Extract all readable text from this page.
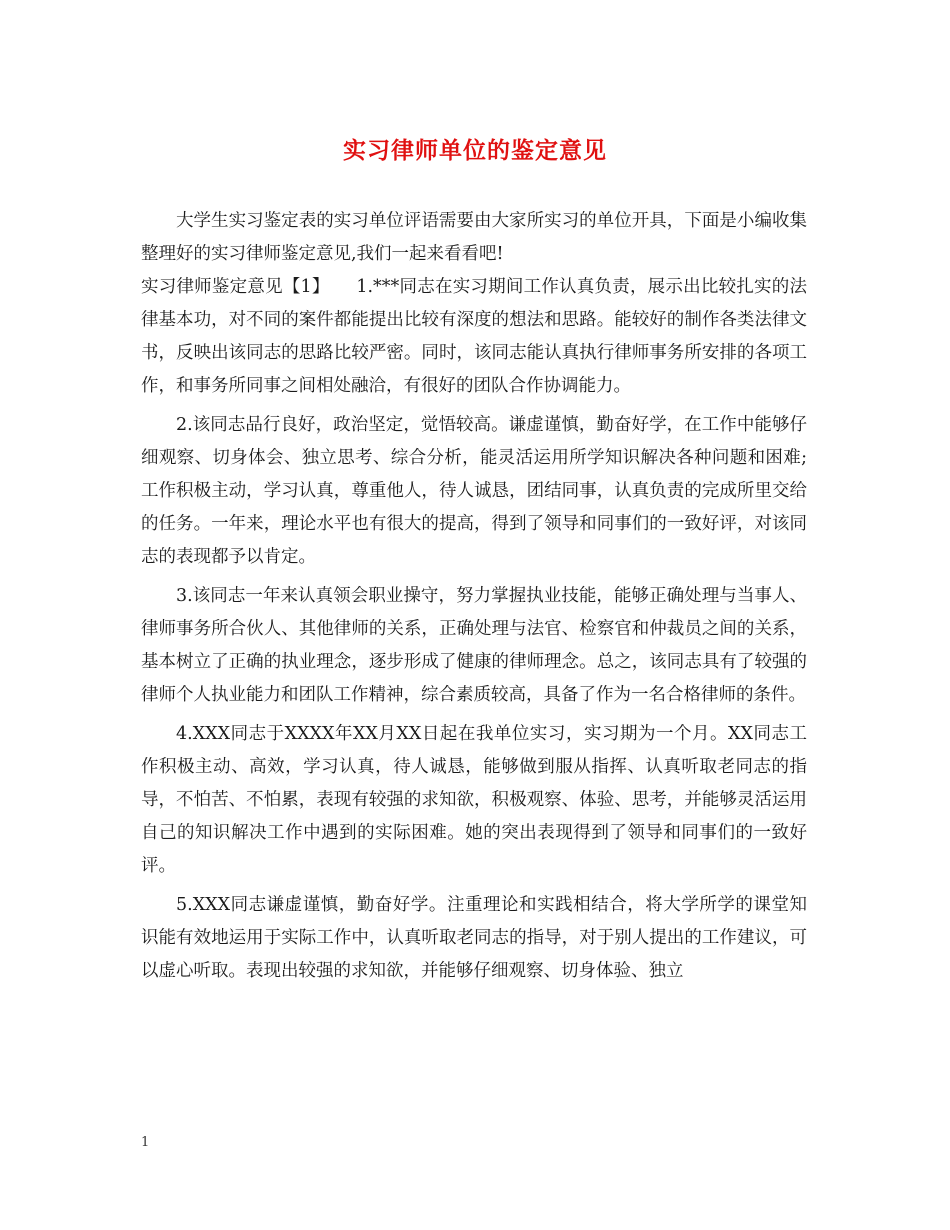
实习律师单位的鉴定意见

大学生实习鉴定表的实习单位评语需要由大家所实习的单位开具，下面是小编收集整理好的实习律师鉴定意见,我们一起来看看吧!

实习律师鉴定意见【1】　　1.***同志在实习期间工作认真负责，展示出比较扎实的法律基本功，对不同的案件都能提出比较有深度的想法和思路。能较好的制作各类法律文书，反映出该同志的思路比较严密。同时，该同志能认真执行律师事务所安排的各项工作，和事务所同事之间相处融洽，有很好的团队合作协调能力。

2.该同志品行良好，政治坚定，觉悟较高。谦虚谨慎，勤奋好学，在工作中能够仔细观察、切身体会、独立思考、综合分析，能灵活运用所学知识解决各种问题和困难;工作积极主动，学习认真，尊重他人，待人诚恳，团结同事，认真负责的完成所里交给的任务。一年来，理论水平也有很大的提高，得到了领导和同事们的一致好评，对该同志的表现都予以肯定。

3.该同志一年来认真领会职业操守，努力掌握执业技能，能够正确处理与当事人、律师事务所合伙人、其他律师的关系，正确处理与法官、检察官和仲裁员之间的关系，基本树立了正确的执业理念，逐步形成了健康的律师理念。总之，该同志具有了较强的律师个人执业能力和团队工作精神，综合素质较高，具备了作为一名合格律师的条件。

4.XXX同志于XXXX年XX月XX日起在我单位实习，实习期为一个月。XX同志工作积极主动、高效，学习认真，待人诚恳，能够做到服从指挥、认真听取老同志的指导，不怕苦、不怕累，表现有较强的求知欲，积极观察、体验、思考，并能够灵活运用自己的知识解决工作中遇到的实际困难。她的突出表现得到了领导和同事们的一致好评。

5.XXX同志谦虚谨慎，勤奋好学。注重理论和实践相结合，将大学所学的课堂知识能有效地运用于实际工作中，认真听取老同志的指导，对于别人提出的工作建议，可以虚心听取。表现出较强的求知欲，并能够仔细观察、切身体验、独立

1
